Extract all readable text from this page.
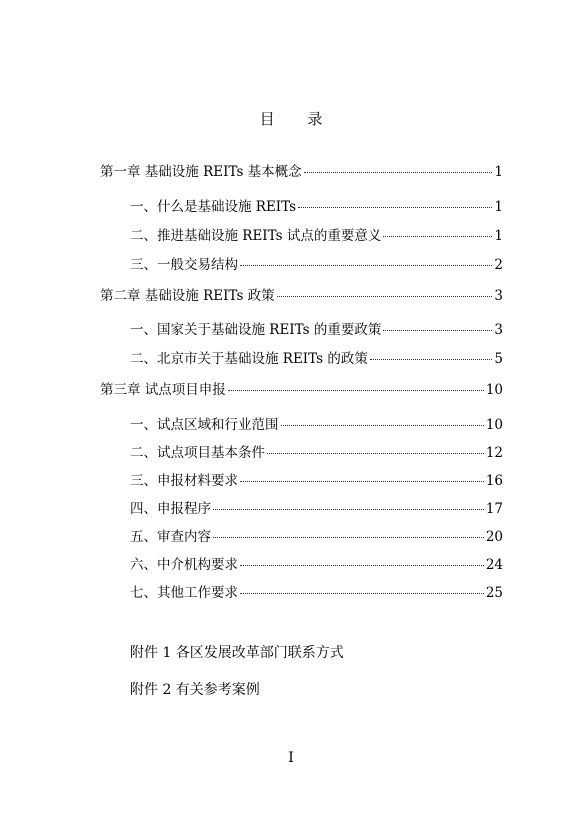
目 录
第一章 基础设施 REITs 基本概念	1
一、什么是基础设施 REITs	1
二、推进基础设施 REITs 试点的重要意义	1
三、一般交易结构	2
第二章 基础设施 REITs 政策	3
一、国家关于基础设施 REITs 的重要政策	3
二、北京市关于基础设施 REITs 的政策	5
第三章 试点项目申报	10
一、试点区域和行业范围	10
二、试点项目基本条件	12
三、申报材料要求	16
四、申报程序	17
五、审查内容	20
六、中介机构要求	24
七、其他工作要求	25
附件 1 各区发展改革部门联系方式
附件 2 有关参考案例
I
